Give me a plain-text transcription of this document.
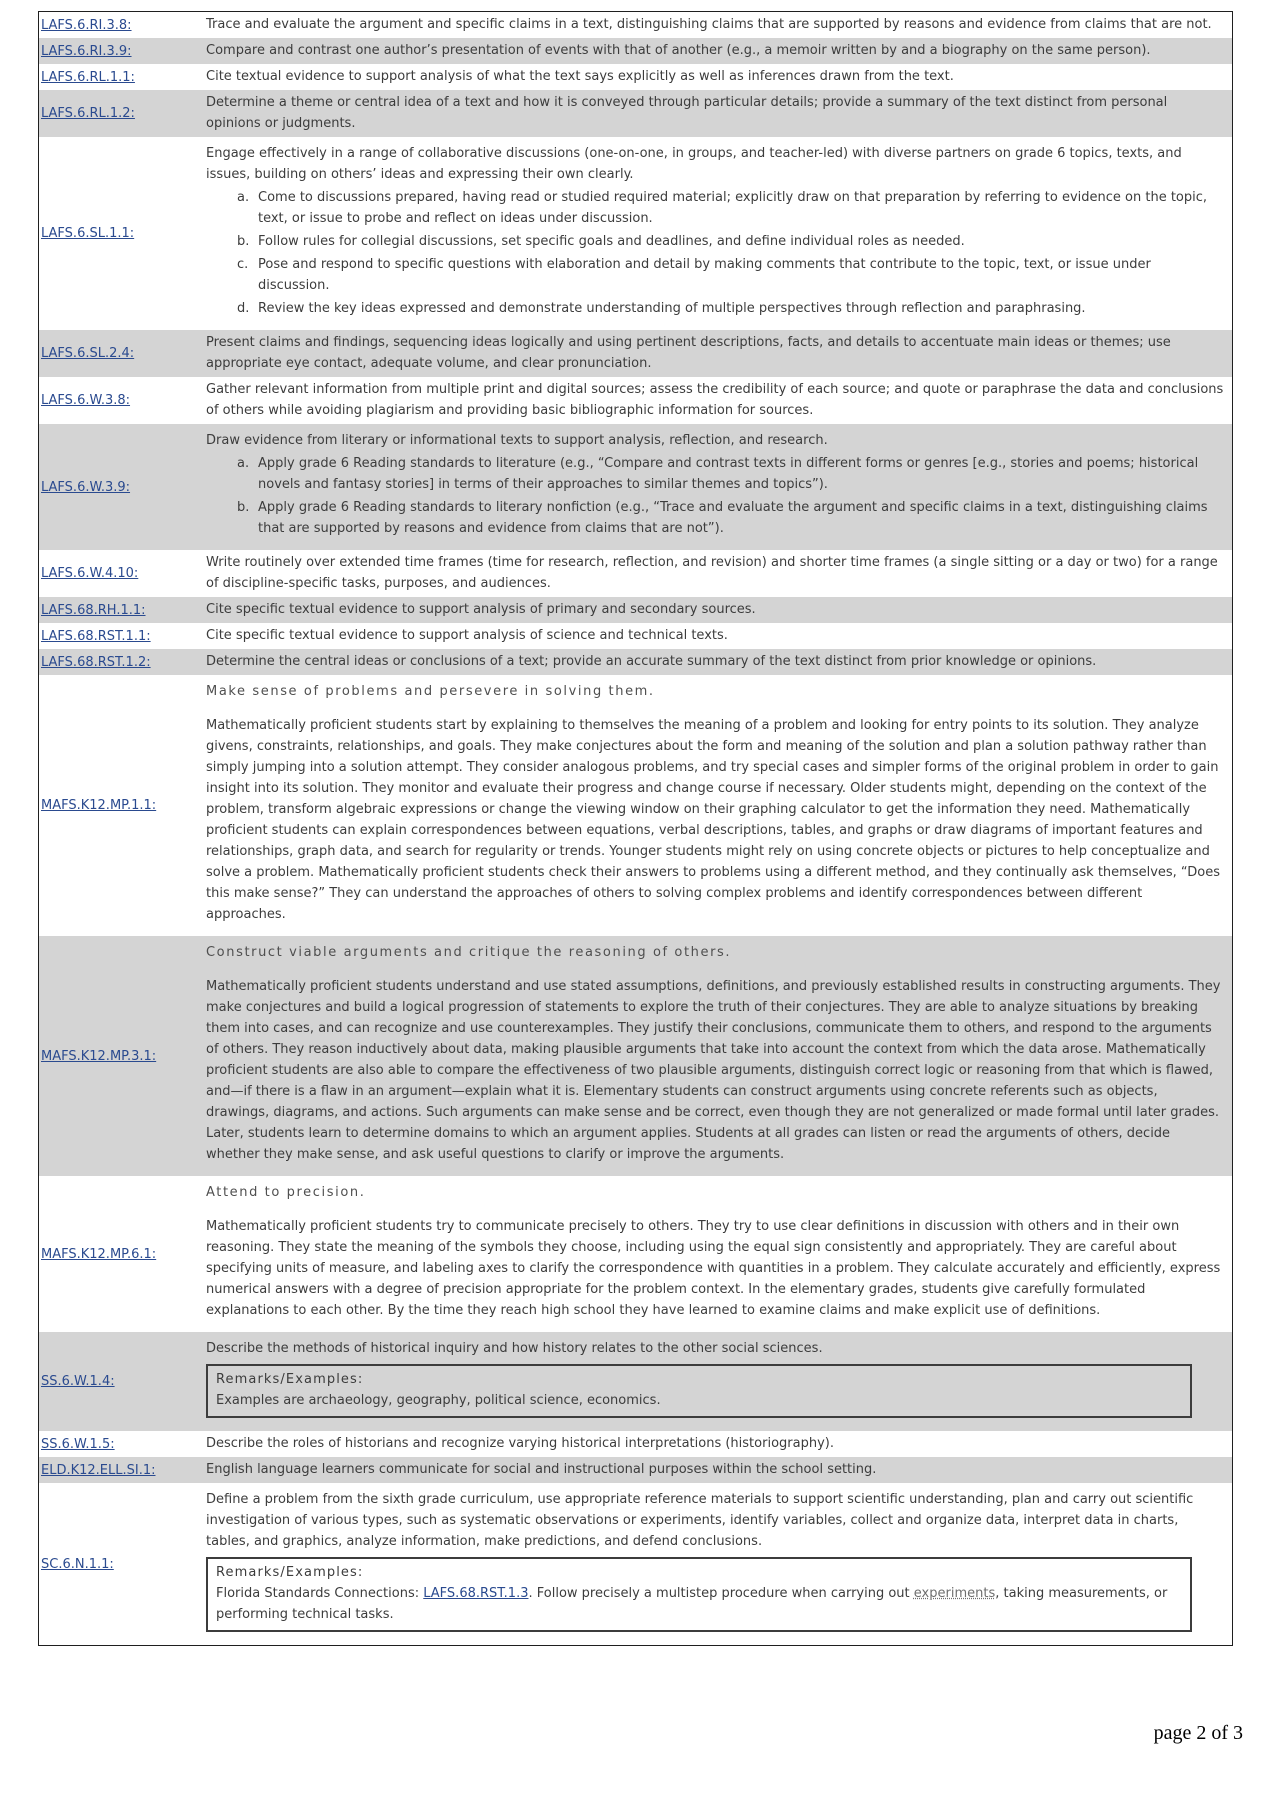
LAFS.6.RI.3.8:	Trace and evaluate the argument and specific claims in a text, distinguishing claims that are supported by reasons and evidence from claims that are not.

LAFS.6.RI.3.9:	Compare and contrast one author’s presentation of events with that of another (e.g., a memoir written by and a biography on the same person).

LAFS.6.RL.1.1:	Cite textual evidence to support analysis of what the text says explicitly as well as inferences drawn from the text.

LAFS.6.RL.1.2:	Determine a theme or central idea of a text and how it is conveyed through particular details; provide a summary of the text distinct from personal opinions or judgments.

LAFS.6.SL.1.1:	
Engage effectively in a range of collaborative discussions (one-on-one, in groups, and teacher-led) with diverse partners on grade 6 topics, texts, and issues, building on others’ ideas and expressing their own clearly.
a. Come to discussions prepared, having read or studied required material; explicitly draw on that preparation by referring to evidence on the topic, text, or issue to probe and reflect on ideas under discussion.
b. Follow rules for collegial discussions, set specific goals and deadlines, and define individual roles as needed.
c. Pose and respond to specific questions with elaboration and detail by making comments that contribute to the topic, text, or issue under discussion.
d. Review the key ideas expressed and demonstrate understanding of multiple perspectives through reflection and paraphrasing.

LAFS.6.SL.2.4:	Present claims and findings, sequencing ideas logically and using pertinent descriptions, facts, and details to accentuate main ideas or themes; use appropriate eye contact, adequate volume, and clear pronunciation.

LAFS.6.W.3.8:	Gather relevant information from multiple print and digital sources; assess the credibility of each source; and quote or paraphrase the data and conclusions of others while avoiding plagiarism and providing basic bibliographic information for sources.

LAFS.6.W.3.9:	Draw evidence from literary or informational texts to support analysis, reflection, and research.
a. Apply grade 6 Reading standards to literature (e.g., “Compare and contrast texts in different forms or genres [e.g., stories and poems; historical novels and fantasy stories] in terms of their approaches to similar themes and topics”).
b. Apply grade 6 Reading standards to literary nonfiction (e.g., “Trace and evaluate the argument and specific claims in a text, distinguishing claims that are supported by reasons and evidence from claims that are not”).

LAFS.6.W.4.10:	Write routinely over extended time frames (time for research, reflection, and revision) and shorter time frames (a single sitting or a day or two) for a range of discipline-specific tasks, purposes, and audiences.

LAFS.68.RH.1.1:	Cite specific textual evidence to support analysis of primary and secondary sources.

LAFS.68.RST.1.1:	Cite specific textual evidence to support analysis of science and technical texts.

LAFS.68.RST.1.2:	Determine the central ideas or conclusions of a text; provide an accurate summary of the text distinct from prior knowledge or opinions.

MAFS.K12.MP.1.1:	Make sense of problems and persevere in solving them.
Mathematically proficient students start by explaining to themselves the meaning of a problem and looking for entry points to its solution. They analyze givens, constraints, relationships, and goals. They make conjectures about the form and meaning of the solution and plan a solution pathway rather than simply jumping into a solution attempt. They consider analogous problems, and try special cases and simpler forms of the original problem in order to gain insight into its solution. They monitor and evaluate their progress and change course if necessary. Older students might, depending on the context of the problem, transform algebraic expressions or change the viewing window on their graphing calculator to get the information they need. Mathematically proficient students can explain correspondences between equations, verbal descriptions, tables, and graphs or draw diagrams of important features and relationships, graph data, and search for regularity or trends. Younger students might rely on using concrete objects or pictures to help conceptualize and solve a problem. Mathematically proficient students check their answers to problems using a different method, and they continually ask themselves, “Does this make sense?” They can understand the approaches of others to solving complex problems and identify correspondences between different approaches.

MAFS.K12.MP.3.1:	Construct viable arguments and critique the reasoning of others.
Mathematically proficient students understand and use stated assumptions, definitions, and previously established results in constructing arguments. They make conjectures and build a logical progression of statements to explore the truth of their conjectures. They are able to analyze situations by breaking them into cases, and can recognize and use counterexamples. They justify their conclusions, communicate them to others, and respond to the arguments of others. They reason inductively about data, making plausible arguments that take into account the context from which the data arose. Mathematically proficient students are also able to compare the effectiveness of two plausible arguments, distinguish correct logic or reasoning from that which is flawed, and—if there is a flaw in an argument—explain what it is. Elementary students can construct arguments using concrete referents such as objects, drawings, diagrams, and actions. Such arguments can make sense and be correct, even though they are not generalized or made formal until later grades. Later, students learn to determine domains to which an argument applies. Students at all grades can listen or read the arguments of others, decide whether they make sense, and ask useful questions to clarify or improve the arguments.

MAFS.K12.MP.6.1:	Attend to precision.
Mathematically proficient students try to communicate precisely to others. They try to use clear definitions in discussion with others and in their own reasoning. They state the meaning of the symbols they choose, including using the equal sign consistently and appropriately. They are careful about specifying units of measure, and labeling axes to clarify the correspondence with quantities in a problem. They calculate accurately and efficiently, express numerical answers with a degree of precision appropriate for the problem context. In the elementary grades, students give carefully formulated explanations to each other. By the time they reach high school they have learned to examine claims and make explicit use of definitions.

SS.6.W.1.4:	Describe the methods of historical inquiry and how history relates to the other social sciences.
Remarks/Examples:
Examples are archaeology, geography, political science, economics.

SS.6.W.1.5:	Describe the roles of historians and recognize varying historical interpretations (historiography).

ELD.K12.ELL.SI.1:	English language learners communicate for social and instructional purposes within the school setting.

SC.6.N.1.1:	Define a problem from the sixth grade curriculum, use appropriate reference materials to support scientific understanding, plan and carry out scientific investigation of various types, such as systematic observations or experiments, identify variables, collect and organize data, interpret data in charts, tables, and graphics, analyze information, make predictions, and defend conclusions.
Remarks/Examples:
Florida Standards Connections: LAFS.68.RST.1.3. Follow precisely a multistep procedure when carrying out experiments, taking measurements, or performing technical tasks.
page 2 of 3
